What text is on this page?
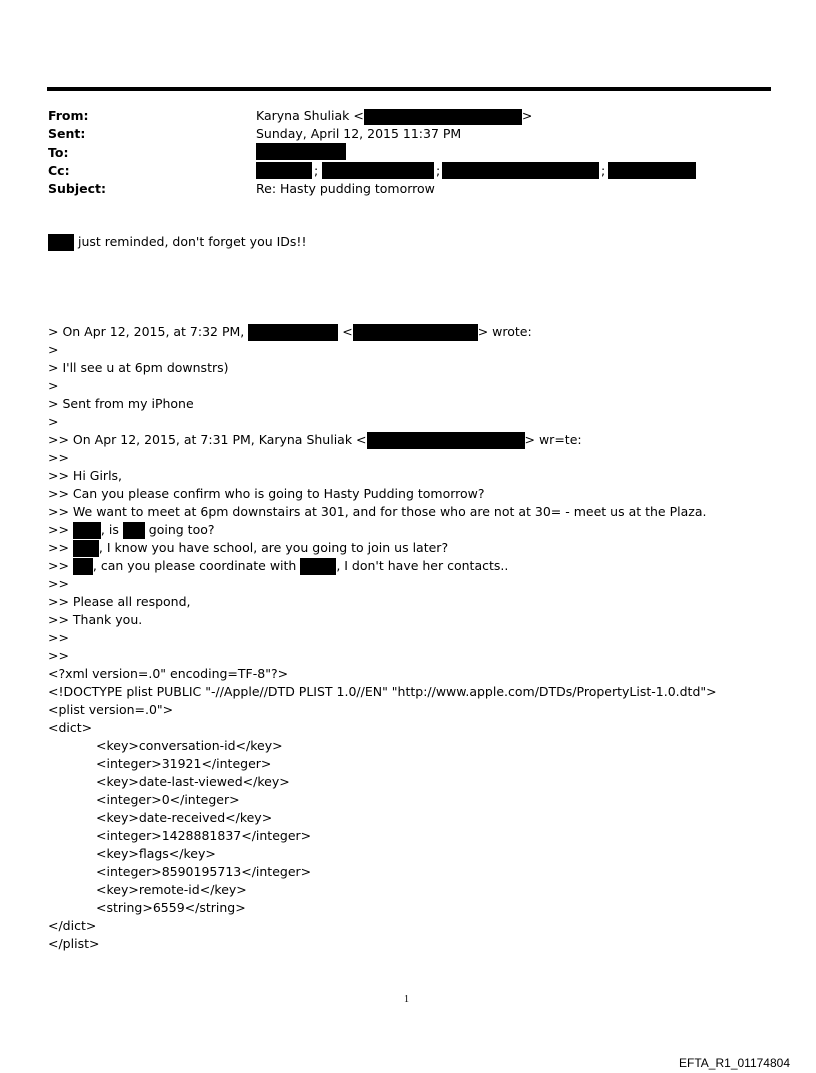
From:	Karyna Shuliak <	>
Sent:	Sunday, April 12, 2015 11:37 PM
To:
Cc:	;	;	;
Subject:	Re: Hasty pudding tomorrow
just reminded, don't forget you IDs!!
> On Apr 12, 2015, at 7:32 PM,	<	> wrote:
>
> I'll see u at 6pm downstrs)
>
> Sent from my iPhone
>
>> On Apr 12, 2015, at 7:31 PM, Karyna Shuliak <	> wr=te:
>>
>> Hi Girls,
>> Can you please confirm who is going to Hasty Pudding tomorrow?
>> We want to meet at 6pm downstairs at 301, and for those who are not at 30= - meet us at the Plaza.
>> , is  going too?
>> , I know you have school, are you going to join us later?
>> , can you please coordinate with	, I don't have her contacts..
>>
>> Please all respond,
>> Thank you.
>>
>>
<?xml version=.0" encoding=TF-8"?>
<!DOCTYPE plist PUBLIC "-//Apple//DTD PLIST 1.0//EN" "http://www.apple.com/DTDs/PropertyList-1.0.dtd">
<plist version=.0">
<dict>
<key>conversation-id</key>
<integer>31921</integer>
<key>date-last-viewed</key>
<integer>0</integer>
<key>date-received</key>
<integer>1428881837</integer>
<key>flags</key>
<integer>8590195713</integer>
<key>remote-id</key>
<string>6559</string>
</dict>
</plist>
1
EFTA_R1_01174804
